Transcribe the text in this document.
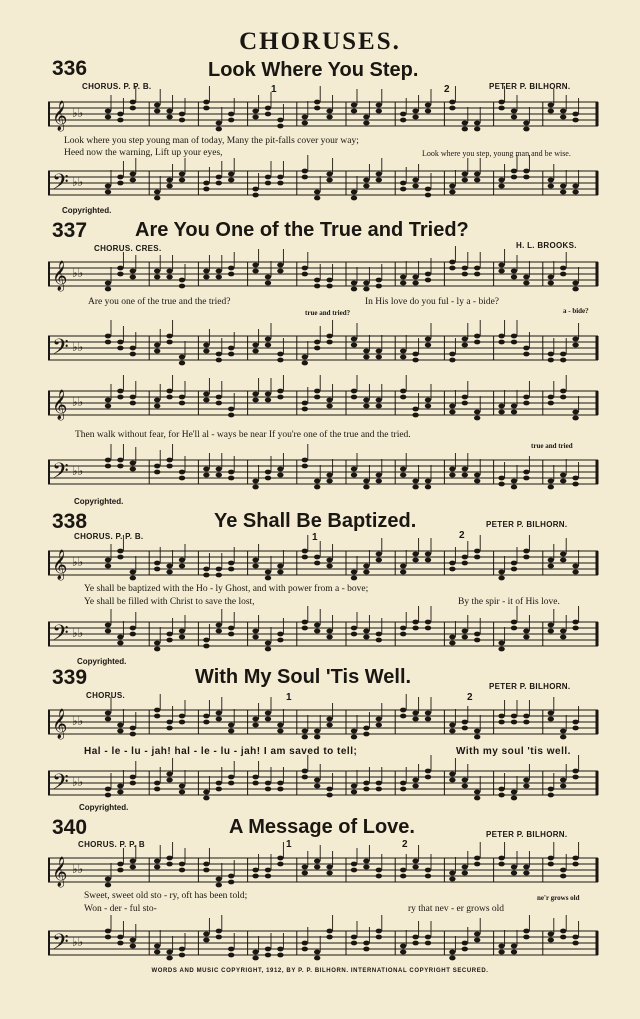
CHORUSES.
336	Look Where You Step.
CHORUS. P. P. B.	PETER P. BILHORN.
𝄞 ♭♭
1	2
Look where you step young man of today, Many the pit-falls cover your way;
Heed now the warning, Lift up your eyes,	Look where you step, young man and be wise.
𝄢 ♭♭
Copyrighted.
337 Are You One of the True and Tried?
CHORUS. CRES.	H. L. BROOKS.
𝄞 ♭♭
Are you one of the true and the tried?	In His love do you ful - ly a - bide?
a - bide?
true and tried?
𝄢 ♭♭
𝄞 ♭♭
Then walk without fear, for He'll al - ways be near If you're one of the true and the tried.
true and tried
𝄢 ♭♭
Copyrighted.
338	Ye Shall Be Baptized.
CHORUS. P. P. B.
PETER P. BILHORN.
𝄞 ♭♭
1	2
Ye shall be baptized with the Ho - ly Ghost, and with power from a - bove;
Ye shall be filled with Christ to save the lost,	By the spir - it of His love.
𝄢 ♭♭
Copyrighted.
339	With My Soul 'Tis Well.
CHORUS.
PETER P. BILHORN.
𝄞 ♭♭
1	2
Hal - le - lu - jah! hal - le - lu - jah! I am saved to tell;	With my soul 'tis well.
𝄢 ♭♭
Copyrighted.
340	A Message of Love.
CHORUS. P. P. B
PETER P. BILHORN.
𝄞 ♭♭
1	2
Sweet, sweet old sto - ry, oft has been told;
Won - der - ful sto-	ry that nev - er grows old
ne'r grows old
𝄢 ♭♭
WORDS AND MUSIC COPYRIGHT, 1912, BY P. P. BILHORN. INTERNATIONAL COPYRIGHT SECURED.
